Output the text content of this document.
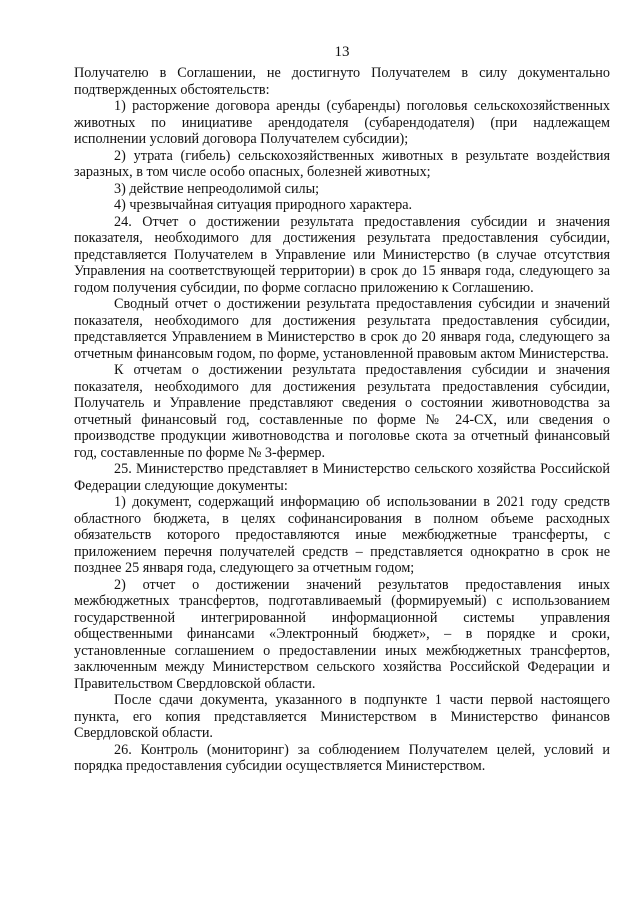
13

Получателю в Соглашении, не достигнуто Получателем в силу документально подтвержденных обстоятельств:

1) расторжение договора аренды (субаренды) поголовья сельскохозяйственных животных по инициативе арендодателя (субарендодателя) (при надлежащем исполнении условий договора Получателем субсидии);

2) утрата (гибель) сельскохозяйственных животных в результате воздействия заразных, в том числе особо опасных, болезней животных;

3) действие непреодолимой силы;

4) чрезвычайная ситуация природного характера.

24. Отчет о достижении результата предоставления субсидии и значения показателя, необходимого для достижения результата предоставления субсидии, представляется Получателем в Управление или Министерство (в случае отсутствия Управления на соответствующей территории) в срок до 15 января года, следующего за годом получения субсидии, по форме согласно приложению к Соглашению.

Сводный отчет о достижении результата предоставления субсидии и значений показателя, необходимого для достижения результата предоставления субсидии, представляется Управлением в Министерство в срок до 20 января года, следующего за отчетным финансовым годом, по форме, установленной правовым актом Министерства.

К отчетам о достижении результата предоставления субсидии и значения показателя, необходимого для достижения результата предоставления субсидии, Получатель и Управление представляют сведения о состоянии животноводства за отчетный финансовый год, составленные по форме № 24-СХ, или сведения о производстве продукции животноводства и поголовье скота за отчетный финансовый год, составленные по форме № 3-фермер.

25. Министерство представляет в Министерство сельского хозяйства Российской Федерации следующие документы:

1) документ, содержащий информацию об использовании в 2021 году средств областного бюджета, в целях софинансирования в полном объеме расходных обязательств которого предоставляются иные межбюджетные трансферты, с приложением перечня получателей средств – представляется однократно в срок не позднее 25 января года, следующего за отчетным годом;

2) отчет о достижении значений результатов предоставления иных межбюджетных трансфертов, подготавливаемый (формируемый) с использованием государственной интегрированной информационной системы управления общественными финансами «Электронный бюджет», – в порядке и сроки, установленные соглашением о предоставлении иных межбюджетных трансфертов, заключенным между Министерством сельского хозяйства Российской Федерации и Правительством Свердловской области.

После сдачи документа, указанного в подпункте 1 части первой настоящего пункта, его копия представляется Министерством в Министерство финансов Свердловской области.

26. Контроль (мониторинг) за соблюдением Получателем целей, условий и порядка предоставления субсидии осуществляется Министерством.
